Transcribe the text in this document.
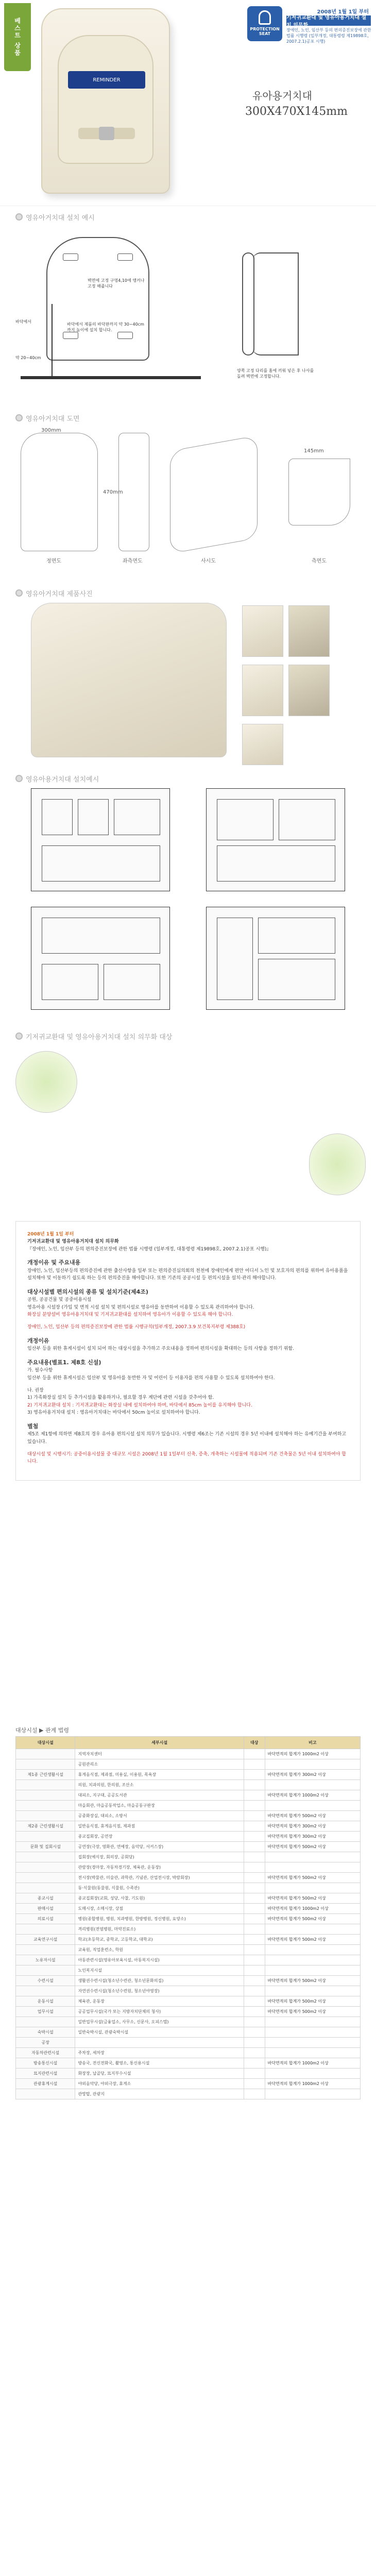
베스트 상품
REMINDER
2008년 1월 1일 부터
PROTECTION SEAT
기저귀교환대 및 영유아용거치대 설치 의무화
장애인, 노인, 임산부 등의 편의증진보장에 관한 법률 시행령 (일부개정, 대통령령 제19898호, 2007.2.1)공포 시행)
유아용거치대
300X470X145mm
영유아거치대 설치 예시
벽면에 고정 구멍4,10에 앵커나 고정 해줍니다
바닥에서
약 20~40cm
바닥에서 제품의 바닥판까지 약 30~40cm까지 높이에 설치 합니다.
양쪽 고정 다리를 홈에 끼워 넣은 후 나사를 돌려 벽면에 고정합니다.
영유아거치대 도면
정면도
300mm
좌측면도
470mm
사시도	측면도
145mm
영유아거치대 제품사진
영유아용거치대 설치예시
기저귀교환대 및 영유아용거치대 설치 의무화 대상

2008년 1월 1일 부터
기저귀교환대 및 영유아용거치대 설치 의무화
『장애인, 노인, 임산부 등의 편의증진보장에 관한 법률 시행령 (일부개정, 대통령령 제19898호, 2007.2.1)공포 시행)』

개정이유 및 주요내용

장애인, 노인, 임산부등의 편의증진에 관한 출산사항을 일부 또는 편의증진심의회의 천천에 장애인에게 편안 어디서 노인 및 보호자의 편의를 위하여 유아용품을 설치해야 및 이동하기 쉽도록 하는 등의 편의증진을 해야합니다. 또한 기존의 공공시설 등 편의시설을 설치·관리 해야합니다.

대상시설별 편의시설의 종류 및 설치기준(제4조)

공원, 공공건물 및 공중이용시설
영유아용 시설장 (가입 및 면적 시설 설치 및 편의시설로 영유아를 동반하여 이용할 수 있도록 관리하여야 합니다.
화장실 분양설비 영유아용거치대 및 기저귀교환대를 설치하여 영유아가 이용할 수 있도록 해야 합니다.

장애인, 노인, 임산부 등의 편의증진보장에 관한 법률 시행규칙(일부개정, 2007.3.9 보건복지부령 제388호)

개정이유

임산부 등을 위한 휴게시설이 설치 되어 하는 대상시설을 추가하고 주요내용을 정하여 편의시설을 확대하는 등의 사항을 정하기 위함.

주요내용(별표1. 제8호 신설)

가. 필수사항
임산부 등을 위한 휴게시설은 임산부 및 영유아를 동반한 자 및 어린이 등 이용자를 편의 사용할 수 있도록 설치하여야 한다.

나. 권장
1) 가족화장실 설치 등 추가시설을 활용하거나, 필요할 경우 계단에 관련 시설을 갖추어야 함.
2) 기저귀교환대 설치 : 기저귀교환대는 화장실 내에 설치하여야 하며, 바닥에서 85cm 높이를 유지해야 합니다.
3) 영유아용거치대 설치 : 영유아거치대는 바닥에서 50cm 높이로 설치하여야 합니다.

별첨

제5조 제1항에 의하면 제8호의 경우 유아용 편의시설 설치 의무가 있습니다. 시행령 제6조는 기존 시설의 경우 5년 이내에 설치해야 하는 유예기간을 부여하고 있습니다.

대상시설 및 시행시기: 공중이용시설물 중 대규모 시설은 2008년 1월 1일부터 신축, 증축, 개축하는 시설물에 적용되며 기존 건축물은 5년 이내 설치하여야 합니다.

대상시설 ▶ 관계 법령
대상시설	세부시설	대상	비고
	지역자치센터		바닥면적의 합계가 1000m2 이상
	공원관리소		
제1종 근린생활시설	휴게음식점, 제과점, 미용실, 이용원, 목욕장		바닥면적의 합계가 300m2 이상
	의원, 치과의원, 한의원, 조산소		
	대피소, 지구대, 공공도서관		바닥면적의 합계가 1000m2 이상
	마을회관, 마을공동작업소, 마을공동구판장		
	공중화장실, 대피소, 소방서		바닥면적의 합계가 500m2 이상
제2종 근린생활시설	일반음식점, 휴게음식점, 제과점		바닥면적의 합계가 300m2 이상
	종교집회장, 공연장		바닥면적의 합계가 300m2 이상
문화 및 집회시설	공연장(극장, 영화관, 연예장, 음악당, 서커스장)		바닥면적의 합계가 500m2 이상
	집회장(예식장, 회의장, 공회당)		
	관람장(경마장, 자동차경기장, 체육관, 운동장)		
	전시장(박물관, 미술관, 과학관, 기념관, 산업전시장, 박람회장)		바닥면적의 합계가 500m2 이상
	동·식물원(동물원, 식물원, 수족관)		
종교시설	종교집회장(교회, 성당, 사찰, 기도원)		바닥면적의 합계가 500m2 이상
판매시설	도매시장, 소매시장, 상점		바닥면적의 합계가 1000m2 이상
의료시설	병원(종합병원, 병원, 치과병원, 한방병원, 정신병원, 요양소)		바닥면적의 합계가 500m2 이상
	격리병원(전염병원, 마약진료소)		
교육연구시설	학교(초등학교, 중학교, 고등학교, 대학교)		바닥면적의 합계가 500m2 이상
	교육원, 직업훈련소, 학원		
노유자시설	아동관련시설(영유아보육시설, 아동복지시설)		
	노인복지시설		
수련시설	생활권수련시설(청소년수련관, 청소년문화의집)		바닥면적의 합계가 500m2 이상
	자연권수련시설(청소년수련원, 청소년야영장)		
운동시설	체육관, 운동장		바닥면적의 합계가 500m2 이상
업무시설	공공업무시설(국가 또는 지방자치단체의 청사)		바닥면적의 합계가 500m2 이상
	일반업무시설(금융업소, 사무소, 신문사, 오피스텔)		
숙박시설	일반숙박시설, 관광숙박시설		
공장			
자동차관련시설	주차장, 세차장		
방송통신시설	방송국, 전신전화국, 촬영소, 통신용시설		바닥면적의 합계가 1000m2 이상
묘지관련시설	화장장, 납골당, 묘지부수시설		
관광휴게시설	야외음악당, 야외극장, 휴게소		바닥면적의 합계가 1000m2 이상
	관망탑, 관광지		
